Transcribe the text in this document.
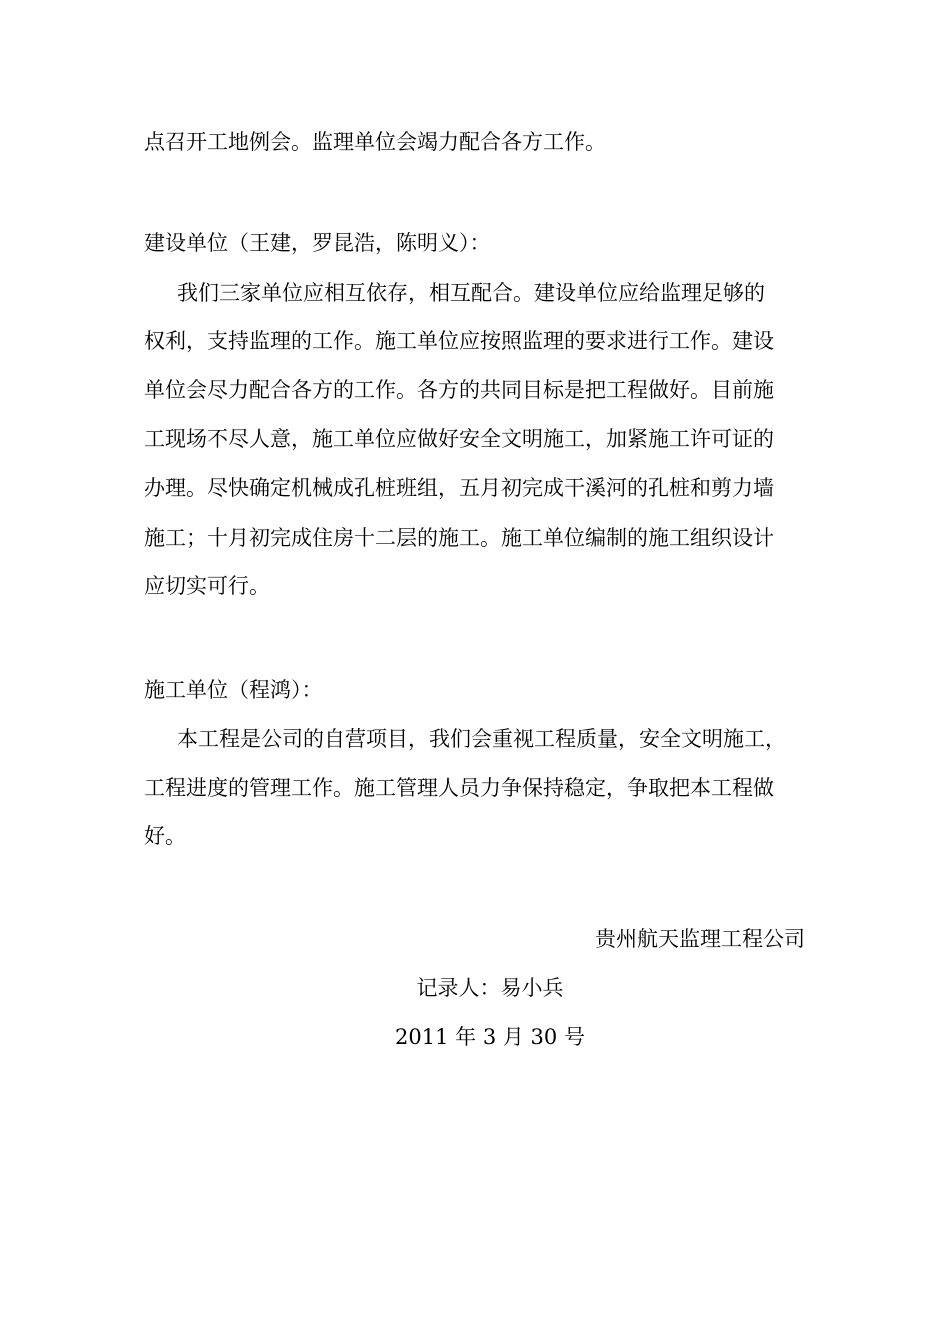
点召开工地例会。监理单位会竭力配合各方工作。
建设单位（王建，罗昆浩，陈明义）：
我们三家单位应相互依存，相互配合。建设单位应给监理足够的
权利，支持监理的工作。施工单位应按照监理的要求进行工作。建设
单位会尽力配合各方的工作。各方的共同目标是把工程做好。目前施
工现场不尽人意，施工单位应做好安全文明施工，加紧施工许可证的
办理。尽快确定机械成孔桩班组，五月初完成干溪河的孔桩和剪力墙
施工；十月初完成住房十二层的施工。施工单位编制的施工组织设计
应切实可行。
施工单位（程鸿）：
本工程是公司的自营项目，我们会重视工程质量，安全文明施工，
工程进度的管理工作。施工管理人员力争保持稳定，争取把本工程做
好。
贵州航天监理工程公司
记录人：易小兵
2011 年 3 月 30 号
